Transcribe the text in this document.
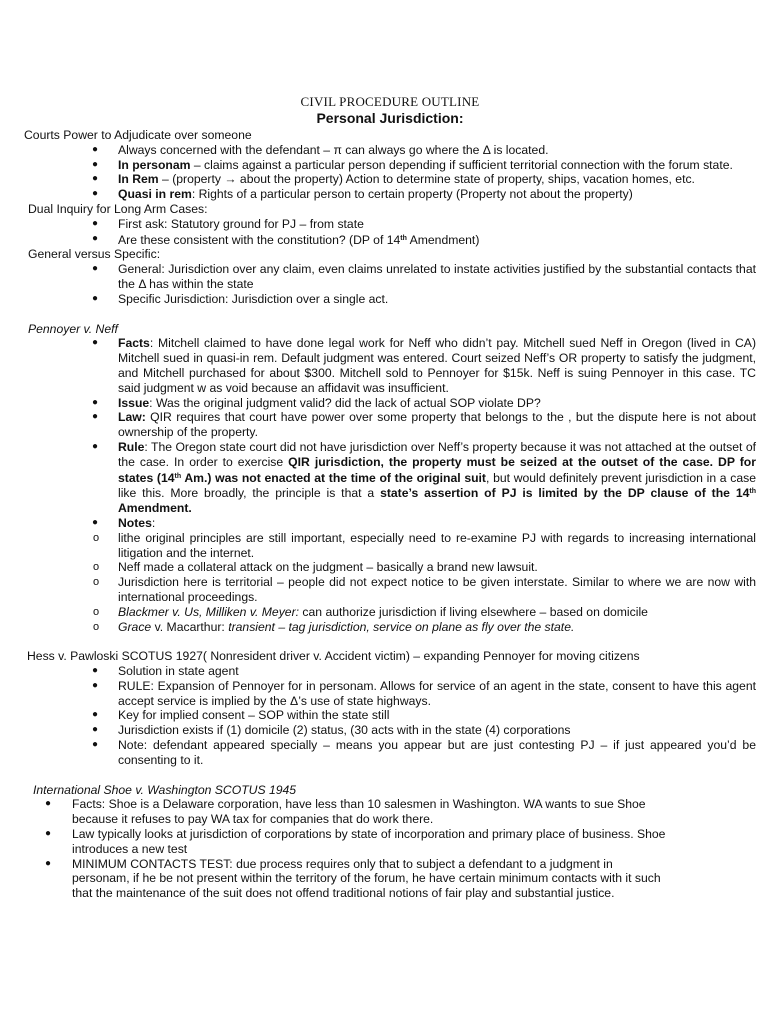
CIVIL PROCEDURE OUTLINE
Personal Jurisdiction:
Courts Power to Adjudicate over someone
● Always concerned with the defendant – π can always go where the Δ is located.
● In personam – claims against a particular person depending if sufficient territorial connection with the forum state.
● In Rem – (property → about the property) Action to determine state of property, ships, vacation homes, etc.
● Quasi in rem: Rights of a particular person to certain property (Property not about the property)
Dual Inquiry for Long Arm Cases:
● First ask: Statutory ground for PJ – from state
● Are these consistent with the constitution? (DP of 14th Amendment)
General versus Specific:
● General: Jurisdiction over any claim, even claims unrelated to instate activities justified by the substantial contacts that the Δ has within the state
● Specific Jurisdiction: Jurisdiction over a single act.
Pennoyer v. Neff
● Facts: Mitchell claimed to have done legal work for Neff who didn’t pay. Mitchell sued Neff in Oregon (lived in CA) Mitchell sued in quasi-in rem. Default judgment was entered. Court seized Neff’s OR property to satisfy the judgment, and Mitchell purchased for about $300. Mitchell sold to Pennoyer for $15k. Neff is suing Pennoyer in this case. TC said judgment w as void because an affidavit was insufficient.
● Issue: Was the original judgment valid? did the lack of actual SOP violate DP?
● Law: QIR requires that court have power over some property that belongs to the , but the dispute here is not about ownership of the property.
● Rule: The Oregon state court did not have jurisdiction over Neff’s property because it was not attached at the outset of the case. In order to exercise QIR jurisdiction, the property must be seized at the outset of the case. DP for states (14th Am.) was not enacted at the time of the original suit, but would definitely prevent jurisdiction in a case like this. More broadly, the principle is that a state’s assertion of PJ is limited by the DP clause of the 14th Amendment.
● Notes:
o lithe original principles are still important, especially need to re-examine PJ with regards to increasing international litigation and the internet.
o Neff made a collateral attack on the judgment – basically a brand new lawsuit.
o Jurisdiction here is territorial – people did not expect notice to be given interstate. Similar to where we are now with international proceedings.
o Blackmer v. Us, Milliken v. Meyer: can authorize jurisdiction if living elsewhere – based on domicile
o Grace v. Macarthur: transient – tag jurisdiction, service on plane as fly over the state.
Hess v. Pawloski SCOTUS 1927( Nonresident driver v. Accident victim) – expanding Pennoyer for moving citizens
● Solution in state agent
● RULE: Expansion of Pennoyer for in personam. Allows for service of an agent in the state, consent to have this agent accept service is implied by the Δ’s use of state highways.
● Key for implied consent – SOP within the state still
● Jurisdiction exists if (1) domicile (2) status, (30 acts with in the state (4) corporations
● Note: defendant appeared specially – means you appear but are just contesting PJ – if just appeared you’d be consenting to it.
International Shoe v. Washington SCOTUS 1945
● Facts: Shoe is a Delaware corporation, have less than 10 salesmen in Washington. WA wants to sue Shoe
because it refuses to pay WA tax for companies that do work there.
● Law typically looks at jurisdiction of corporations by state of incorporation and primary place of business. Shoe
introduces a new test
● MINIMUM CONTACTS TEST: due process requires only that to subject a defendant to a judgment in
personam, if he be not present within the territory of the forum, he have certain minimum contacts with it such
that the maintenance of the suit does not offend traditional notions of fair play and substantial justice.
